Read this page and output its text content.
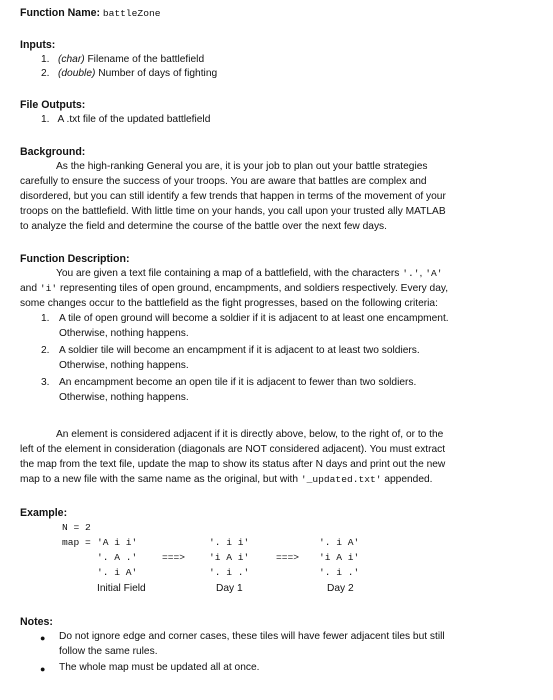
Function Name: battleZone
Inputs:
1. (char) Filename of the battlefield
2. (double) Number of days of fighting
File Outputs:
1. A .txt file of the updated battlefield
Background:
As the high-ranking General you are, it is your job to plan out your battle strategies
carefully to ensure the success of your troops. You are aware that battles are complex and
disordered, but you can still identify a few trends that happen in terms of the movement of your
troops on the battlefield. With little time on your hands, you call upon your trusted ally MATLAB
to analyze the field and determine the course of the battle over the next few days.
Function Description:
You are given a text file containing a map of a battlefield, with the characters '.', 'A'
and 'i' representing tiles of open ground, encampments, and soldiers respectively. Every day,
some changes occur to the battlefield as the fight progresses, based on the following criteria:
1. A tile of open ground will become a soldier if it is adjacent to at least one encampment.
Otherwise, nothing happens.
2. A soldier tile will become an encampment if it is adjacent to at least two soldiers.
Otherwise, nothing happens.
3. An encampment become an open tile if it is adjacent to fewer than two soldiers.
Otherwise, nothing happens.
An element is considered adjacent if it is directly above, below, to the right of, or to the
left of the element in consideration (diagonals are NOT considered adjacent). You must extract
the map from the text file, update the map to show its status after N days and print out the new
map to a new file with the same name as the original, but with '_updated.txt' appended.
Example:
N = 2
map = 'A i i'
'. A .'
'. i A'
===>
'. i i'
'i A i'
'. i .'
===>
'. i A'
'i A i'
'. i .'
Initial Field	Day 1	Day 2
Notes:
● Do not ignore edge and corner cases, these tiles will have fewer adjacent tiles but still
follow the same rules.
● The whole map must be updated all at once.
